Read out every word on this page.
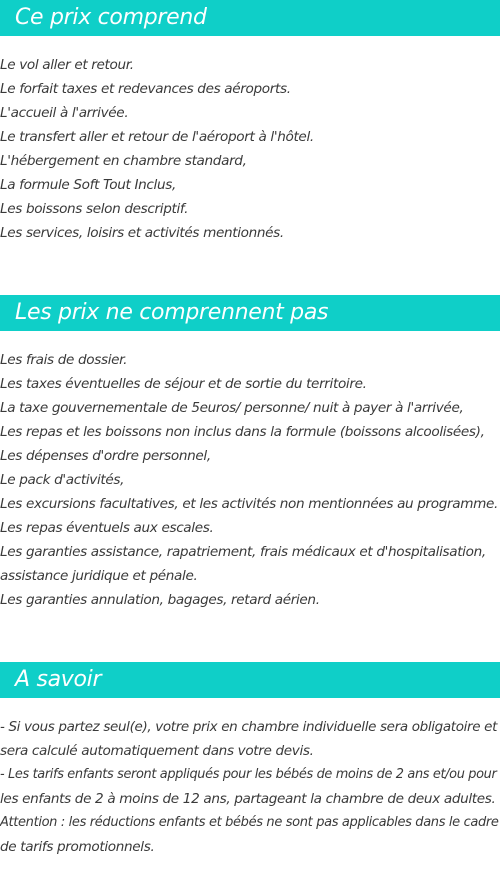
Ce prix comprend
Le vol aller et retour.
Le forfait taxes et redevances des aéroports.
L'accueil à l'arrivée.
Le transfert aller et retour de l'aéroport à l'hôtel.
L'hébergement en chambre standard,
La formule Soft Tout Inclus,
Les boissons selon descriptif.
Les services, loisirs et activités mentionnés.
Les prix ne comprennent pas
Les frais de dossier.
Les taxes éventuelles de séjour et de sortie du territoire.
La taxe gouvernementale de 5euros/ personne/ nuit à payer à l'arrivée,
Les repas et les boissons non inclus dans la formule (boissons alcoolisées),
Les dépenses d'ordre personnel,
Le pack d'activités,
Les excursions facultatives, et les activités non mentionnées au programme.
Les repas éventuels aux escales.
Les garanties assistance, rapatriement, frais médicaux et d'hospitalisation,
assistance juridique et pénale.
Les garanties annulation, bagages, retard aérien.
A savoir
- Si vous partez seul(e), votre prix en chambre individuelle sera obligatoire et
sera calculé automatiquement dans votre devis.
- Les tarifs enfants seront appliqués pour les bébés de moins de 2 ans et/ou pour
les enfants de 2 à moins de 12 ans, partageant la chambre de deux adultes.
Attention : les réductions enfants et bébés ne sont pas applicables dans le cadre
de tarifs promotionnels.
